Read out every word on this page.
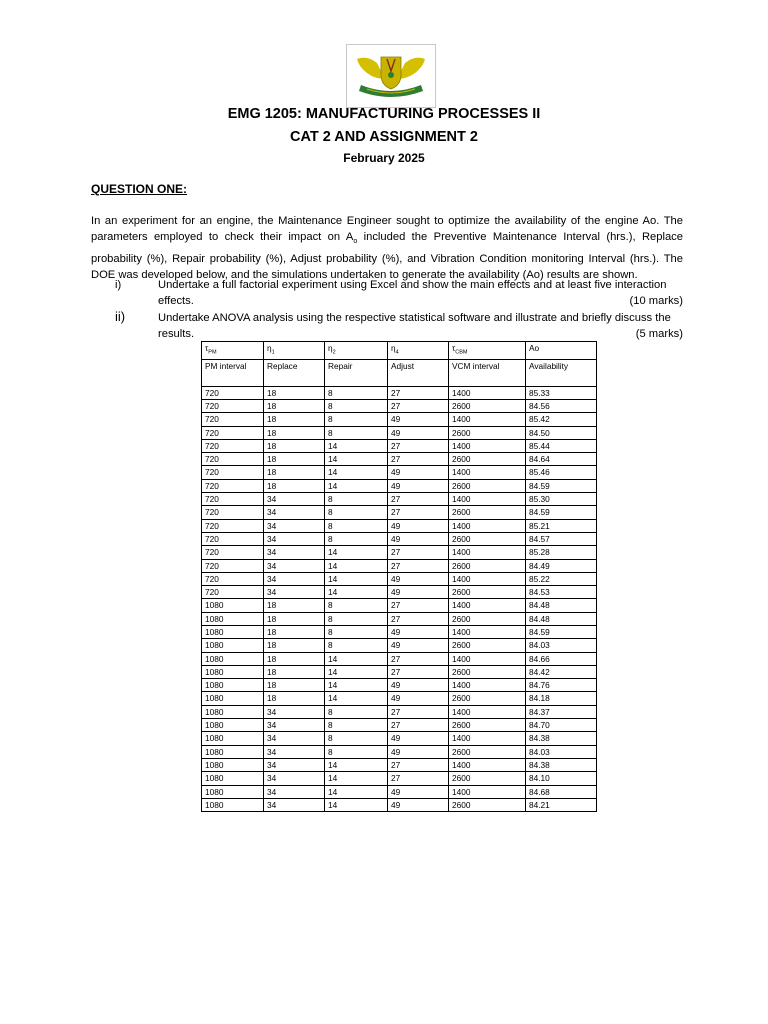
EMG 1205: MANUFACTURING PROCESSES II
CAT 2 AND ASSIGNMENT 2
February 2025
QUESTION ONE:
In an experiment for an engine, the Maintenance Engineer sought to optimize the availability of the engine Ao. The parameters employed to check their impact on $A_o$ included the Preventive Maintenance Interval (hrs.), Replace probability (%), Repair probability (%), Adjust probability (%), and Vibration Condition monitoring Interval (hrs.). The DOE was developed below, and the simulations undertaken to generate the availability (Ao) results are shown.
i)	Undertake a full factorial experiment using Excel and show the main effects and at least five interaction effects.	(10 marks)
ii)	Undertake ANOVA analysis using the respective statistical software and illustrate and briefly discuss the results.	(5 marks)
$\tau_{PM}$	$\eta_1$	$\eta_2$	$\eta_4$	$\tau_{CBM}$	Ao
PM interval	Replace	Repair	Adjust	VCM interval	Availability
720	18	8	27	1400	85.33
720	18	8	27	2600	84.56
720	18	8	49	1400	85.42
720	18	8	49	2600	84.50
720	18	14	27	1400	85.44
720	18	14	27	2600	84.64
720	18	14	49	1400	85.46
720	18	14	49	2600	84.59
720	34	8	27	1400	85.30
720	34	8	27	2600	84.59
720	34	8	49	1400	85.21
720	34	8	49	2600	84.57
720	34	14	27	1400	85.28
720	34	14	27	2600	84.49
720	34	14	49	1400	85.22
720	34	14	49	2600	84.53
1080	18	8	27	1400	84.48
1080	18	8	27	2600	84.48
1080	18	8	49	1400	84.59
1080	18	8	49	2600	84.03
1080	18	14	27	1400	84.66
1080	18	14	27	2600	84.42
1080	18	14	49	1400	84.76
1080	18	14	49	2600	84.18
1080	34	8	27	1400	84.37
1080	34	8	27	2600	84.70
1080	34	8	49	1400	84.38
1080	34	8	49	2600	84.03
1080	34	14	27	1400	84.38
1080	34	14	27	2600	84.10
1080	34	14	49	1400	84.68
1080	34	14	49	2600	84.21
